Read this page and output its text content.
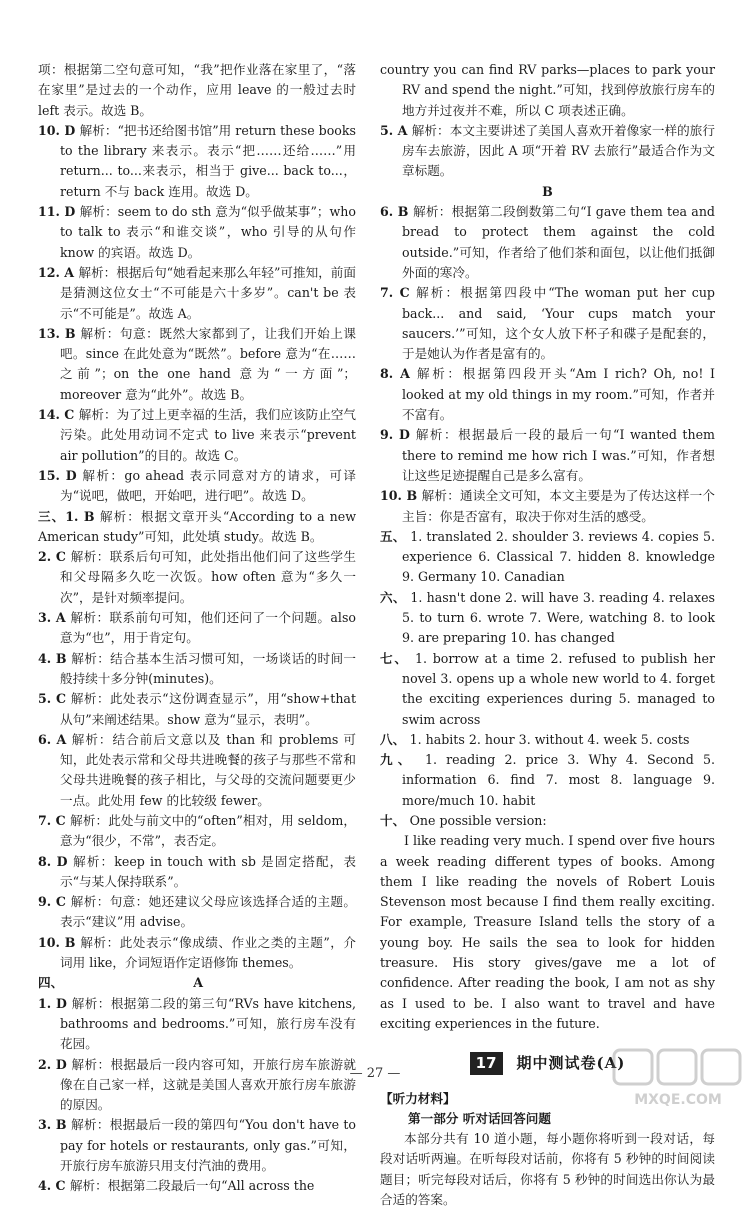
项：根据第二空句意可知，“我”把作业落在家里了，“落在家里”是过去的一个动作，应用 leave 的一般过去时 left 表示。故选 B。

10. D 解析：“把书还给图书馆”用 return these books to the library 来表示。表示“把……还给……”用 return... to...来表示，相当于 give... back to...，return 不与 back 连用。故选 D。

11. D 解析：seem to do sth 意为“似乎做某事”；who to talk to 表示“和谁交谈”，who 引导的从句作 know 的宾语。故选 D。

12. A 解析：根据后句“她看起来那么年轻”可推知，前面是猜测这位女士“不可能是六十多岁”。can't be 表示“不可能是”。故选 A。

13. B 解析：句意：既然大家都到了，让我们开始上课吧。since 在此处意为“既然”。before 意为“在……之前”；on the one hand 意为“一方面”；moreover 意为“此外”。故选 B。

14. C 解析：为了过上更幸福的生活，我们应该防止空气污染。此处用动词不定式 to live 来表示“prevent air pollution”的目的。故选 C。

15. D 解析：go ahead 表示同意对方的请求，可译为“说吧，做吧，开始吧，进行吧”。故选 D。

三、1. B 解析：根据文章开头“According to a new American study”可知，此处填 study。故选 B。

2. C 解析：联系后句可知，此处指出他们问了这些学生和父母隔多久吃一次饭。how often 意为“多久一次”，是针对频率提问。

3. A 解析：联系前句可知，他们还问了一个问题。also 意为“也”，用于肯定句。

4. B 解析：结合基本生活习惯可知，一场谈话的时间一般持续十多分钟(minutes)。

5. C 解析：此处表示“这份调查显示”，用“show+that 从句”来阐述结果。show 意为“显示，表明”。

6. A 解析：结合前后文意以及 than 和 problems 可知，此处表示常和父母共进晚餐的孩子与那些不常和父母共进晚餐的孩子相比，与父母的交流问题要更少一点。此处用 few 的比较级 fewer。

7. C 解析：此处与前文中的“often”相对，用 seldom，意为“很少，不常”，表否定。

8. D 解析：keep in touch with sb 是固定搭配，表示“与某人保持联系”。

9. C 解析：句意：她还建议父母应该选择合适的主题。表示“建议”用 advise。

10. B 解析：此处表示“像成绩、作业之类的主题”，介词用 like，介词短语作定语修饰 themes。

四、	A

1. D 解析：根据第二段的第三句“RVs have kitchens, bathrooms and bedrooms.”可知，旅行房车没有花园。

2. D 解析：根据最后一段内容可知，开旅行房车旅游就像在自己家一样，这就是美国人喜欢开旅行房车旅游的原因。

3. B 解析：根据最后一段的第四句“You don't have to pay for hotels or restaurants, only gas.”可知，开旅行房车旅游只用支付汽油的费用。

4. C 解析：根据第二段最后一句“All across the

country you can find RV parks—places to park your RV and spend the night.”可知，找到停放旅行房车的地方并过夜并不难，所以 C 项表述正确。

5. A 解析：本文主要讲述了美国人喜欢开着像家一样的旅行房车去旅游，因此 A 项“开着 RV 去旅行”最适合作为文章标题。

B

6. B 解析：根据第二段倒数第二句“I gave them tea and bread to protect them against the cold outside.”可知，作者给了他们茶和面包，以让他们抵御外面的寒冷。

7. C 解析：根据第四段中“The woman put her cup back... and said, ‘Your cups match your saucers.’”可知，这个女人放下杯子和碟子是配套的，于是她认为作者是富有的。

8. A 解析：根据第四段开头“Am I rich? Oh, no! I looked at my old things in my room.”可知，作者并不富有。

9. D 解析：根据最后一段的最后一句“I wanted them there to remind me how rich I was.”可知，作者想让这些足迹提醒自己是多么富有。

10. B 解析：通读全文可知，本文主要是为了传达这样一个主旨：你是否富有，取决于你对生活的感受。

五、 1. translated 2. shoulder 3. reviews 4. copies 5. experience 6. Classical 7. hidden 8. knowledge 9. Germany 10. Canadian

六、 1. hasn't done 2. will have 3. reading 4. relaxes 5. to turn 6. wrote 7. Were, watching 8. to look 9. are preparing 10. has changed

七、 1. borrow at a time 2. refused to publish her novel 3. opens up a whole new world to 4. forget the exciting experiences during 5. managed to swim across

八、 1. habits 2. hour 3. without 4. week 5. costs

九、 1. reading 2. price 3. Why 4. Second 5. information 6. find 7. most 8. language 9. more/much 10. habit

十、 One possible version:

I like reading very much. I spend over five hours a week reading different types of books. Among them I like reading the novels of Robert Louis Stevenson most because I find them really exciting. For example, Treasure Island tells the story of a young boy. He sails the sea to look for hidden treasure. His story gives/gave me a lot of confidence. After reading the book, I am not as shy as I used to be. I also want to travel and have exciting experiences in the future.

17	期中测试卷(A)

【听力材料】

第一部分 听对话回答问题

本部分共有 10 道小题，每小题你将听到一段对话，每段对话听两遍。在听每段对话前，你将有 5 秒钟的时间阅读题目；听完每段对话后，你将有 5 秒钟的时间选出你认为最合适的答案。

— 27 —
MXQE.COM
